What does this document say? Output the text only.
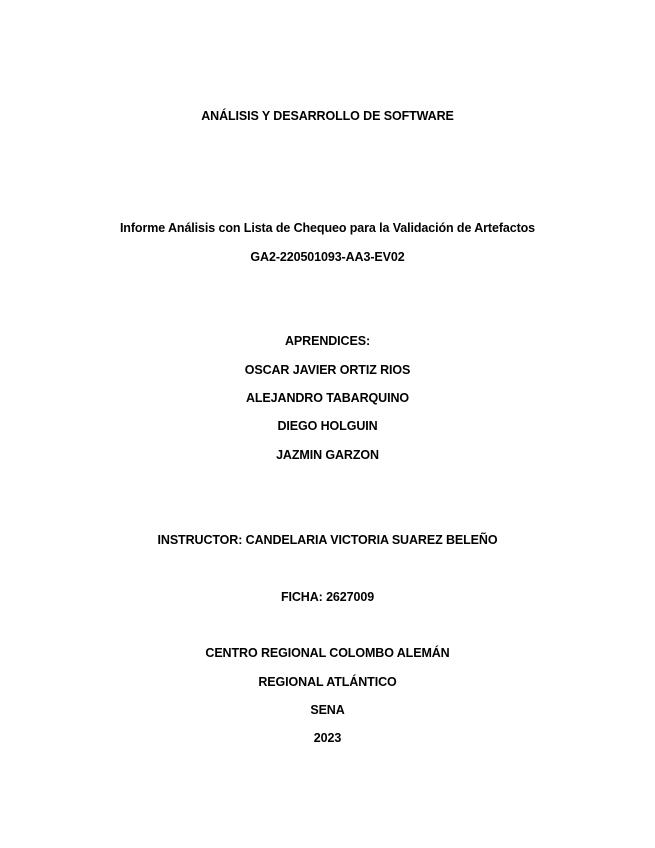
ANÁLISIS Y DESARROLLO DE SOFTWARE
Informe Análisis con Lista de Chequeo para la Validación de Artefactos
GA2-220501093-AA3-EV02
APRENDICES:
OSCAR JAVIER ORTIZ RIOS
ALEJANDRO TABARQUINO
DIEGO HOLGUIN
JAZMIN GARZON
INSTRUCTOR: CANDELARIA VICTORIA SUAREZ BELEÑO
FICHA: 2627009
CENTRO REGIONAL COLOMBO ALEMÁN
REGIONAL ATLÁNTICO
SENA
2023
